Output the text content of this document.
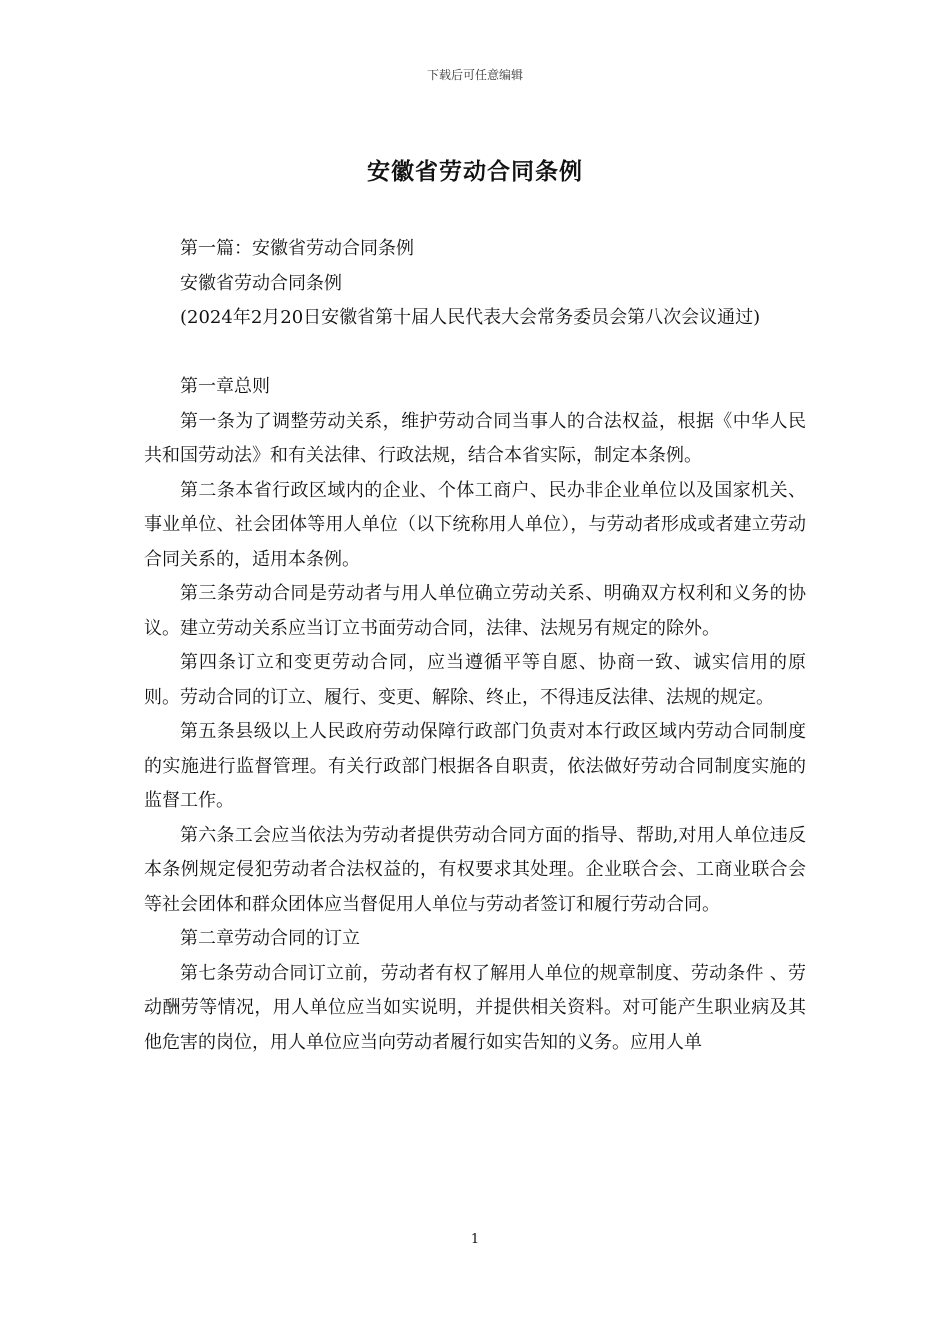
下载后可任意编辑
安徽省劳动合同条例

第一篇：安徽省劳动合同条例

安徽省劳动合同条例

(2024年2月20日安徽省第十届人民代表大会常务委员会第八次会议通过)

第一章总则

第一条为了调整劳动关系，维护劳动合同当事人的合法权益，根据《中华人民共和国劳动法》和有关法律、行政法规，结合本省实际，制定本条例。

第二条本省行政区域内的企业、个体工商户、民办非企业单位以及国家机关、事业单位、社会团体等用人单位（以下统称用人单位），与劳动者形成或者建立劳动合同关系的，适用本条例。

第三条劳动合同是劳动者与用人单位确立劳动关系、明确双方权利和义务的协议。建立劳动关系应当订立书面劳动合同，法律、法规另有规定的除外。

第四条订立和变更劳动合同，应当遵循平等自愿、协商一致、诚实信用的原则。劳动合同的订立、履行、变更、解除、终止，不得违反法律、法规的规定。

第五条县级以上人民政府劳动保障行政部门负责对本行政区域内劳动合同制度的实施进行监督管理。有关行政部门根据各自职责，依法做好劳动合同制度实施的监督工作。

第六条工会应当依法为劳动者提供劳动合同方面的指导、帮助,对用人单位违反本条例规定侵犯劳动者合法权益的，有权要求其处理。企业联合会、工商业联合会等社会团体和群众团体应当督促用人单位与劳动者签订和履行劳动合同。

第二章劳动合同的订立

第七条劳动合同订立前，劳动者有权了解用人单位的规章制度、劳动条件 、劳动酬劳等情况，用人单位应当如实说明，并提供相关资料。对可能产生职业病及其他危害的岗位，用人单位应当向劳动者履行如实告知的义务。应用人单

1
